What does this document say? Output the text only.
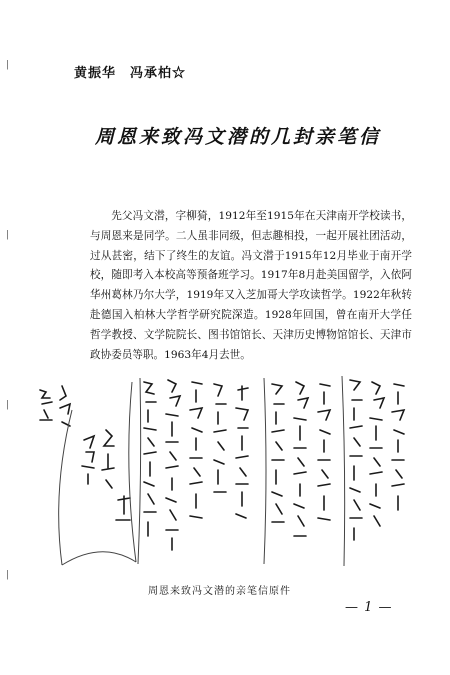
|
|
|
|
黄振华　冯承柏☆
周恩来致冯文潜的几封亲笔信
先父冯文潜，字柳猗，1912年至1915年在天津南开学校读书，与周恩来是同学。二人虽非同级，但志趣相投，一起开展社团活动，过从甚密，结下了终生的友谊。冯文潜于1915年12月毕业于南开学校，随即考入本校高等预备班学习。1917年8月赴美国留学，入依阿华州葛林乃尔大学，1919年又入芝加哥大学攻读哲学。1922年秋转赴德国入柏林大学哲学研究院深造。1928年回国，曾在南开大学任哲学教授、文学院院长、图书馆馆长、天津历史博物馆馆长、天津市政协委员等职。1963年4月去世。
周恩来致冯文潜的亲笔信原件
— 1 —
